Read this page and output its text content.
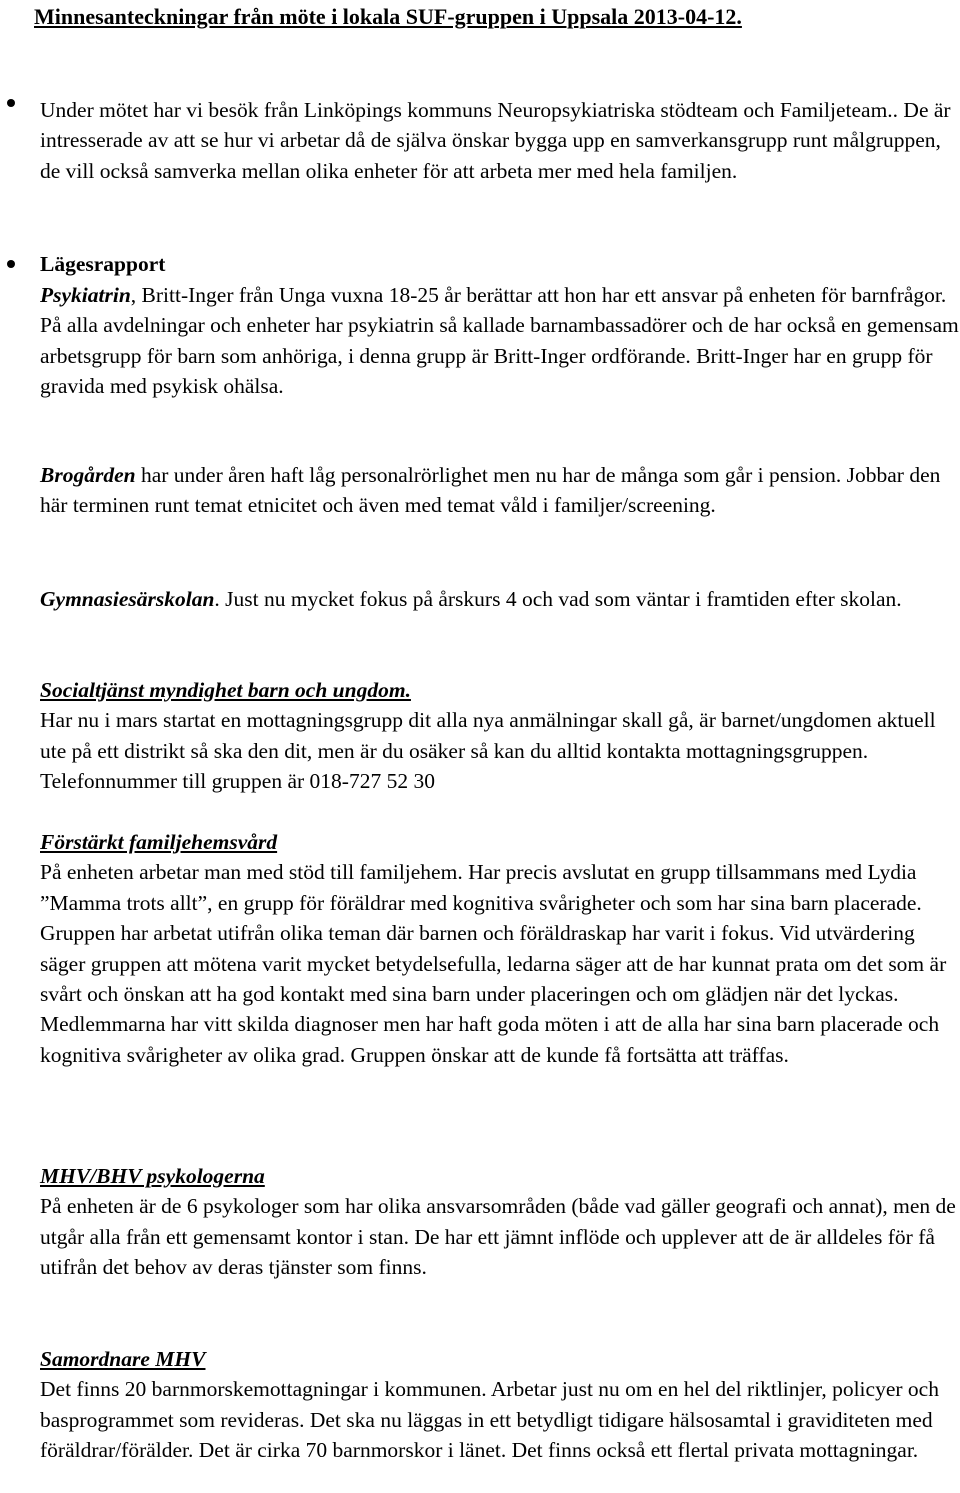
Minnesanteckningar från möte i lokala SUF-gruppen i Uppsala 2013-04-12.

Under mötet har vi besök från Linköpings kommuns Neuropsykiatriska stödteam och Familjeteam.. De är intresserade av att se hur vi arbetar då de själva önskar bygga upp en samverkansgrupp runt målgruppen, de vill också samverka mellan olika enheter för att arbeta mer med hela familjen.

Lägesrapport

Psykiatrin, Britt-Inger från Unga vuxna 18-25 år berättar att hon har ett ansvar på enheten för barnfrågor. På alla avdelningar och enheter har psykiatrin så kallade barnambassadörer och de har också en gemensam arbetsgrupp för barn som anhöriga, i denna grupp är Britt-Inger ordförande. Britt-Inger har en grupp för gravida med psykisk ohälsa.

Brogården har under åren haft låg personalrörlighet men nu har de många som går i pension. Jobbar den här terminen runt temat etnicitet och även med temat våld i familjer/screening.

Gymnasiesärskolan. Just nu mycket fokus på årskurs 4 och vad som väntar i framtiden efter skolan.

Socialtjänst myndighet barn och ungdom.

Har nu i mars startat en mottagningsgrupp dit alla nya anmälningar skall gå, är barnet/ungdomen aktuell ute på ett distrikt så ska den dit, men är du osäker så kan du alltid kontakta mottagningsgruppen. Telefonnummer till gruppen är 018-727 52 30

Förstärkt familjehemsvård

På enheten arbetar man med stöd till familjehem. Har precis avslutat en grupp tillsammans med Lydia ”Mamma trots allt”, en grupp för föräldrar med kognitiva svårigheter och som har sina barn placerade. Gruppen har arbetat utifrån olika teman där barnen och föräldraskap har varit i fokus. Vid utvärdering säger gruppen att mötena varit mycket betydelsefulla, ledarna säger att de har kunnat prata om det som är svårt och önskan att ha god kontakt med sina barn under placeringen och om glädjen när det lyckas. Medlemmarna har vitt skilda diagnoser men har haft goda möten i att de alla har sina barn placerade och kognitiva svårigheter av olika grad. Gruppen önskar att de kunde få fortsätta att träffas.

MHV/BHV psykologerna

På enheten är de 6 psykologer som har olika ansvarsområden (både vad gäller geografi och annat), men de utgår alla från ett gemensamt kontor i stan. De har ett jämnt inflöde och upplever att de är alldeles för få utifrån det behov av deras tjänster som finns.

Samordnare MHV

Det finns 20 barnmorskemottagningar i kommunen. Arbetar just nu om en hel del riktlinjer, policyer och basprogrammet som revideras. Det ska nu läggas in ett betydligt tidigare hälsosamtal i graviditeten med föräldrar/förälder. Det är cirka 70 barnmorskor i länet. Det finns också ett flertal privata mottagningar.
